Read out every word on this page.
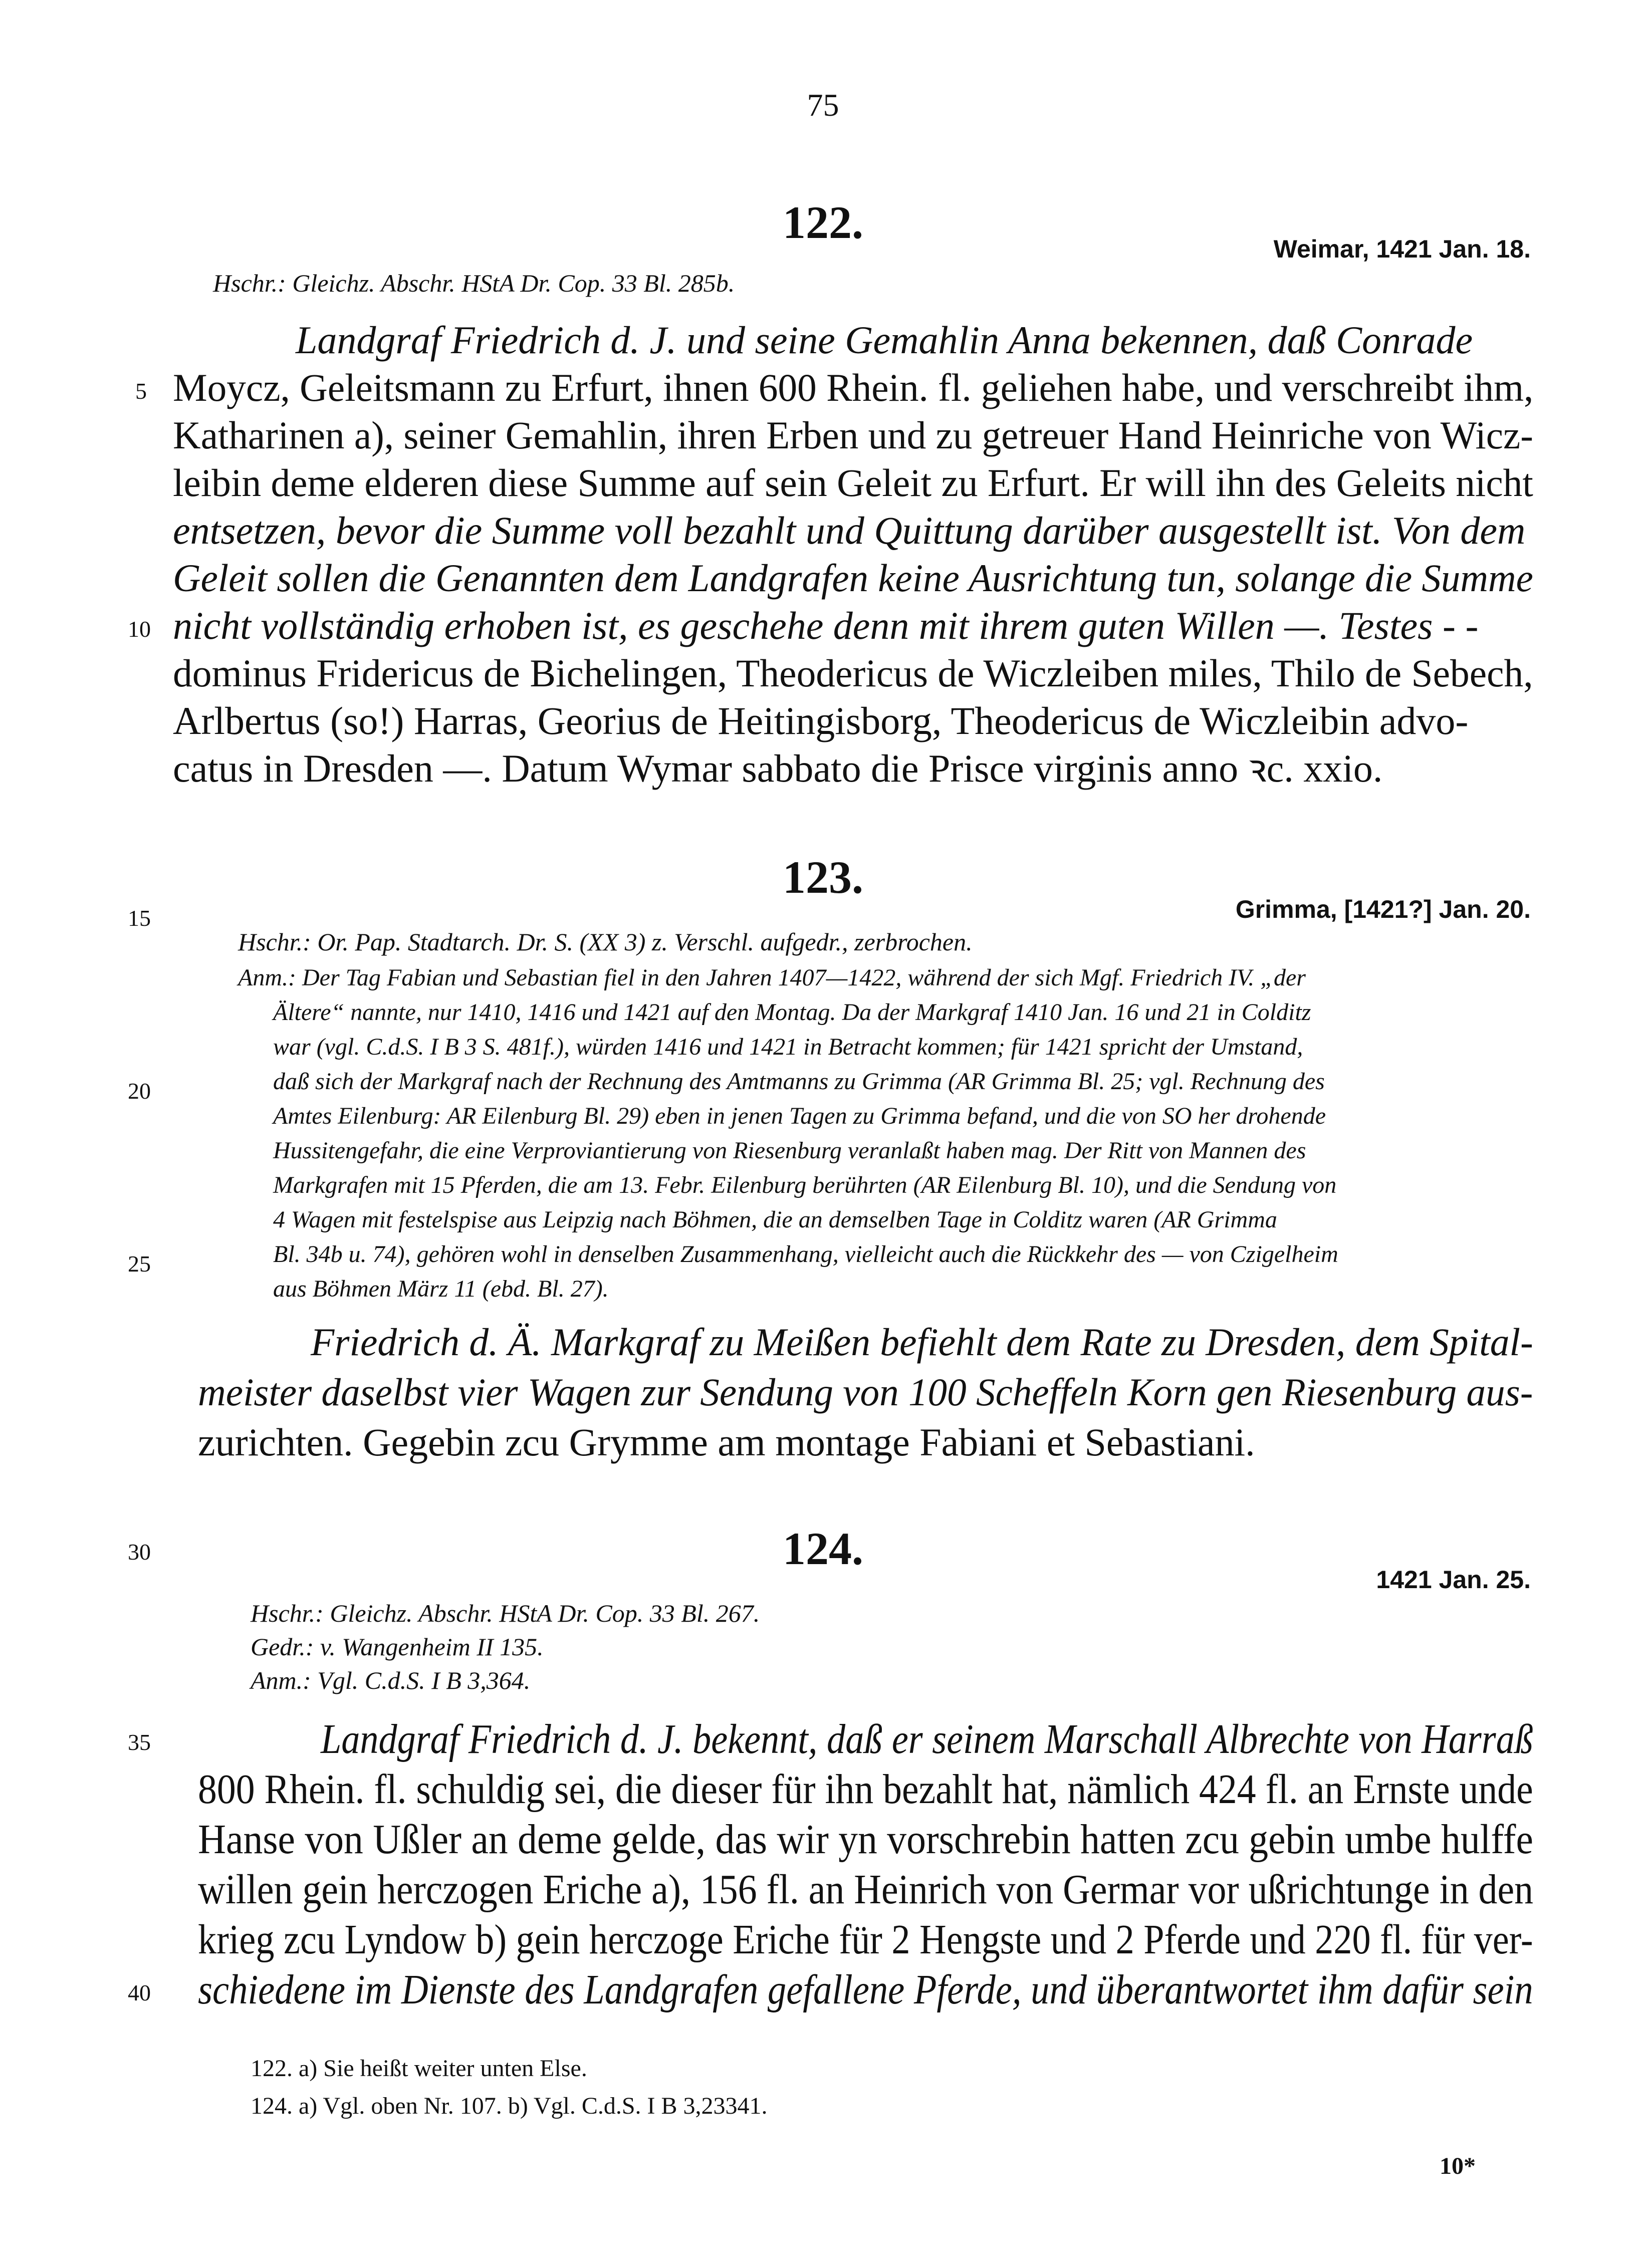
75
122.
Weimar, 1421 Jan. 18.
Hschr.: Gleichz. Abschr. HStA Dr. Cop. 33 Bl. 285b.
Landgraf Friedrich d. J. und seine Gemahlin Anna bekennen, daß Conrade
Moycz, Geleitsmann zu Erfurt, ihnen 600 Rhein. fl. geliehen habe, und verschreibt ihm,
Katharinen a), seiner Gemahlin, ihren Erben und zu getreuer Hand Heinriche von Wicz-
leibin deme elderen diese Summe auf sein Geleit zu Erfurt. Er will ihn des Geleits nicht
entsetzen, bevor die Summe voll bezahlt und Quittung darüber ausgestellt ist. Von dem
Geleit sollen die Genannten dem Landgrafen keine Ausrichtung tun, solange die Summe
nicht vollständig erhoben ist, es geschehe denn mit ihrem guten Willen —. Testes - -
dominus Fridericus de Bichelingen, Theodericus de Wiczleiben miles, Thilo de Sebech,
Arlbertus (so!) Harras, Georius de Heitingisborg, Theodericus de Wiczleibin advo-
catus in Dresden —. Datum Wymar sabbato die Prisce virginis anno ꝛc. xxio.
123.
Grimma, [1421?] Jan. 20.
Hschr.: Or. Pap. Stadtarch. Dr. S. (XX 3) z. Verschl. aufgedr., zerbrochen.
Anm.: Der Tag Fabian und Sebastian fiel in den Jahren 1407—1422, während der sich Mgf. Friedrich IV. „der
Ältere“ nannte, nur 1410, 1416 und 1421 auf den Montag. Da der Markgraf 1410 Jan. 16 und 21 in Colditz
war (vgl. C.d.S. I B 3 S. 481f.), würden 1416 und 1421 in Betracht kommen; für 1421 spricht der Umstand,
daß sich der Markgraf nach der Rechnung des Amtmanns zu Grimma (AR Grimma Bl. 25; vgl. Rechnung des
Amtes Eilenburg: AR Eilenburg Bl. 29) eben in jenen Tagen zu Grimma befand, und die von SO her drohende
Hussitengefahr, die eine Verproviantierung von Riesenburg veranlaßt haben mag. Der Ritt von Mannen des
Markgrafen mit 15 Pferden, die am 13. Febr. Eilenburg berührten (AR Eilenburg Bl. 10), und die Sendung von
4 Wagen mit festelspise aus Leipzig nach Böhmen, die an demselben Tage in Colditz waren (AR Grimma
Bl. 34b u. 74), gehören wohl in denselben Zusammenhang, vielleicht auch die Rückkehr des — von Czigelheim
aus Böhmen März 11 (ebd. Bl. 27).
Friedrich d. Ä. Markgraf zu Meißen befiehlt dem Rate zu Dresden, dem Spital-
meister daselbst vier Wagen zur Sendung von 100 Scheffeln Korn gen Riesenburg aus-
zurichten. Gegebin zcu Grymme am montage Fabiani et Sebastiani.
124.
1421 Jan. 25.
Hschr.: Gleichz. Abschr. HStA Dr. Cop. 33 Bl. 267.
Gedr.: v. Wangenheim II 135.
Anm.: Vgl. C.d.S. I B 3,364.
Landgraf Friedrich d. J. bekennt, daß er seinem Marschall Albrechte von Harraß
800 Rhein. fl. schuldig sei, die dieser für ihn bezahlt hat, nämlich 424 fl. an Ernste unde
Hanse von Ußler an deme gelde, das wir yn vorschrebin hatten zcu gebin umbe hulffe
willen gein herczogen Eriche a), 156 fl. an Heinrich von Germar vor ußrichtunge in den
krieg zcu Lyndow b) gein herczoge Eriche für 2 Hengste und 2 Pferde und 220 fl. für ver-
schiedene im Dienste des Landgrafen gefallene Pferde, und überantwortet ihm dafür sein
5
10
15
20
25
30
35
40
122. a) Sie heißt weiter unten Else.
124. a) Vgl. oben Nr. 107. b) Vgl. C.d.S. I B 3,23341.
10*
